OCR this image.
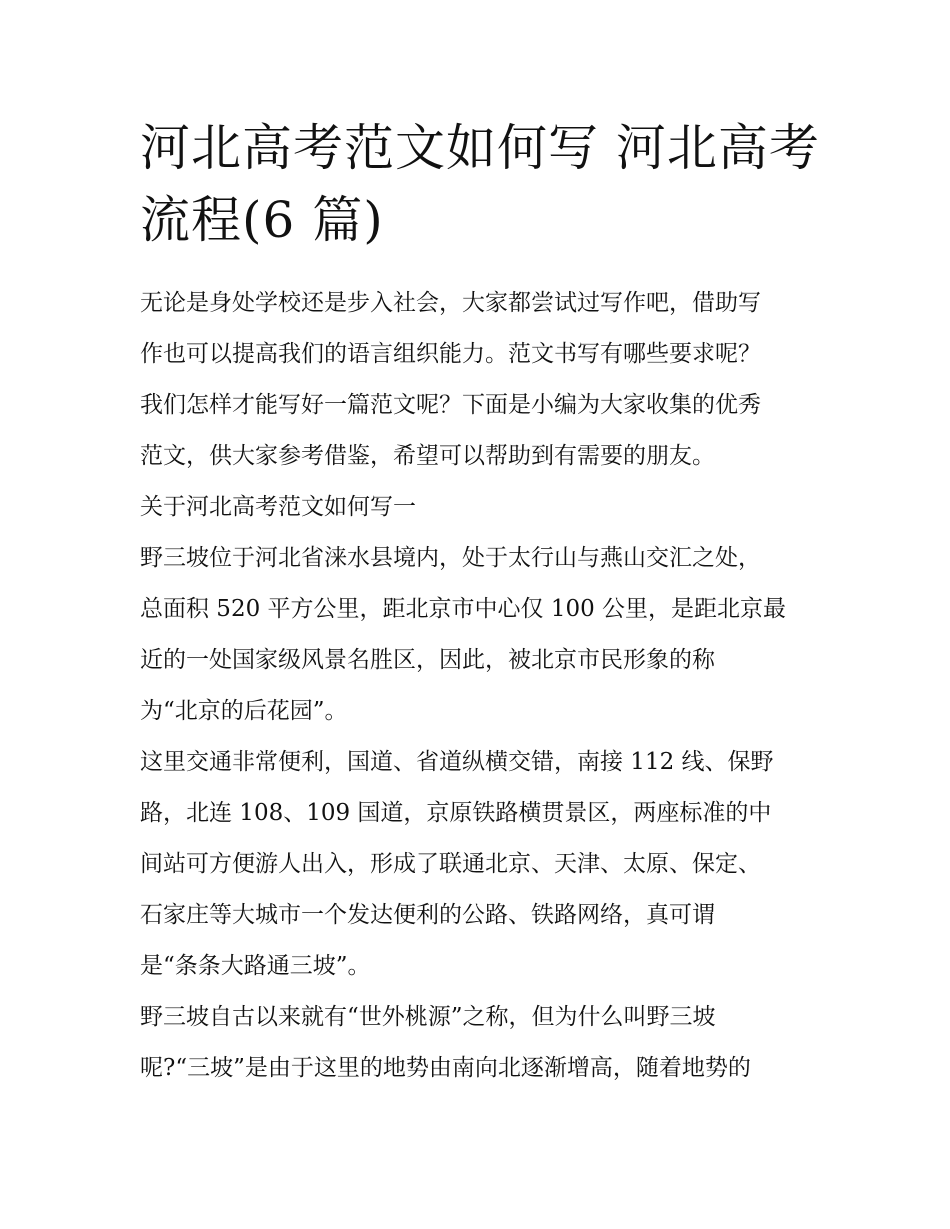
河北高考范文如何写 河北高考
流程(6 篇)

无论是身处学校还是步入社会，大家都尝试过写作吧，借助写
作也可以提高我们的语言组织能力。范文书写有哪些要求呢？
我们怎样才能写好一篇范文呢？下面是小编为大家收集的优秀
范文，供大家参考借鉴，希望可以帮助到有需要的朋友。

关于河北高考范文如何写一

野三坡位于河北省涞水县境内，处于太行山与燕山交汇之处，
总面积 520 平方公里，距北京市中心仅 100 公里，是距北京最
近的一处国家级风景名胜区，因此，被北京市民形象的称
为“北京的后花园”。

这里交通非常便利，国道、省道纵横交错，南接 112 线、保野
路，北连 108、109 国道，京原铁路横贯景区，两座标准的中
间站可方便游人出入，形成了联通北京、天津、太原、保定、
石家庄等大城市一个发达便利的公路、铁路网络，真可谓
是“条条大路通三坡”。

野三坡自古以来就有“世外桃源”之称，但为什么叫野三坡
呢?“三坡”是由于这里的地势由南向北逐渐增高，随着地势的
